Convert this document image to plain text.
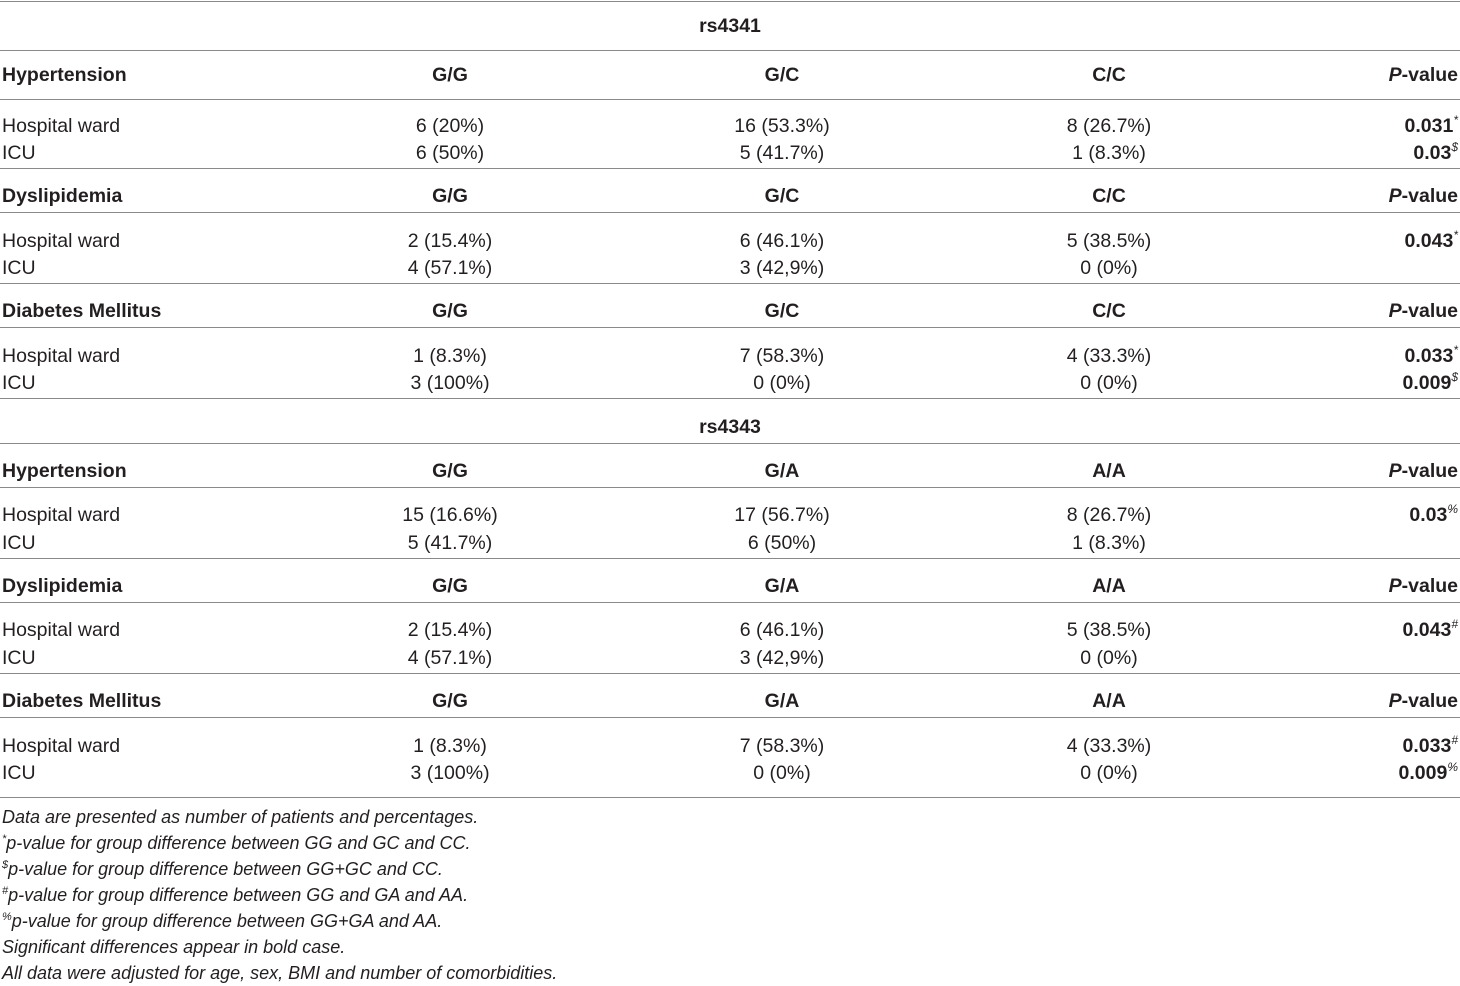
rs4341
Hypertension	G/G	G/C	C/C	P-value
Hospital ward	6 (20%)	16 (53.3%)	8 (26.7%)	0.031*
ICU	6 (50%)	5 (41.7%)	1 (8.3%)	0.03$
Dyslipidemia	G/G	G/C	C/C	P-value
Hospital ward	2 (15.4%)	6 (46.1%)	5 (38.5%)	0.043*
ICU	4 (57.1%)	3 (42,9%)	0 (0%)
Diabetes Mellitus	G/G	G/C	C/C	P-value
Hospital ward	1 (8.3%)	7 (58.3%)	4 (33.3%)	0.033*
ICU	3 (100%)	0 (0%)	0 (0%)	0.009$
rs4343
Hypertension	G/G	G/A	A/A	P-value
Hospital ward	15 (16.6%)	17 (56.7%)	8 (26.7%)	0.03%
ICU	5 (41.7%)	6 (50%)	1 (8.3%)
Dyslipidemia	G/G	G/A	A/A	P-value
Hospital ward	2 (15.4%)	6 (46.1%)	5 (38.5%)	0.043#
ICU	4 (57.1%)	3 (42,9%)	0 (0%)
Diabetes Mellitus	G/G	G/A	A/A	P-value
Hospital ward	1 (8.3%)	7 (58.3%)	4 (33.3%)	0.033#
ICU	3 (100%)	0 (0%)	0 (0%)	0.009%
Data are presented as number of patients and percentages.
*p-value for group difference between GG and GC and CC.
$p-value for group difference between GG+GC and CC.
#p-value for group difference between GG and GA and AA.
%p-value for group difference between GG+GA and AA.
Significant differences appear in bold case.
All data were adjusted for age, sex, BMI and number of comorbidities.
